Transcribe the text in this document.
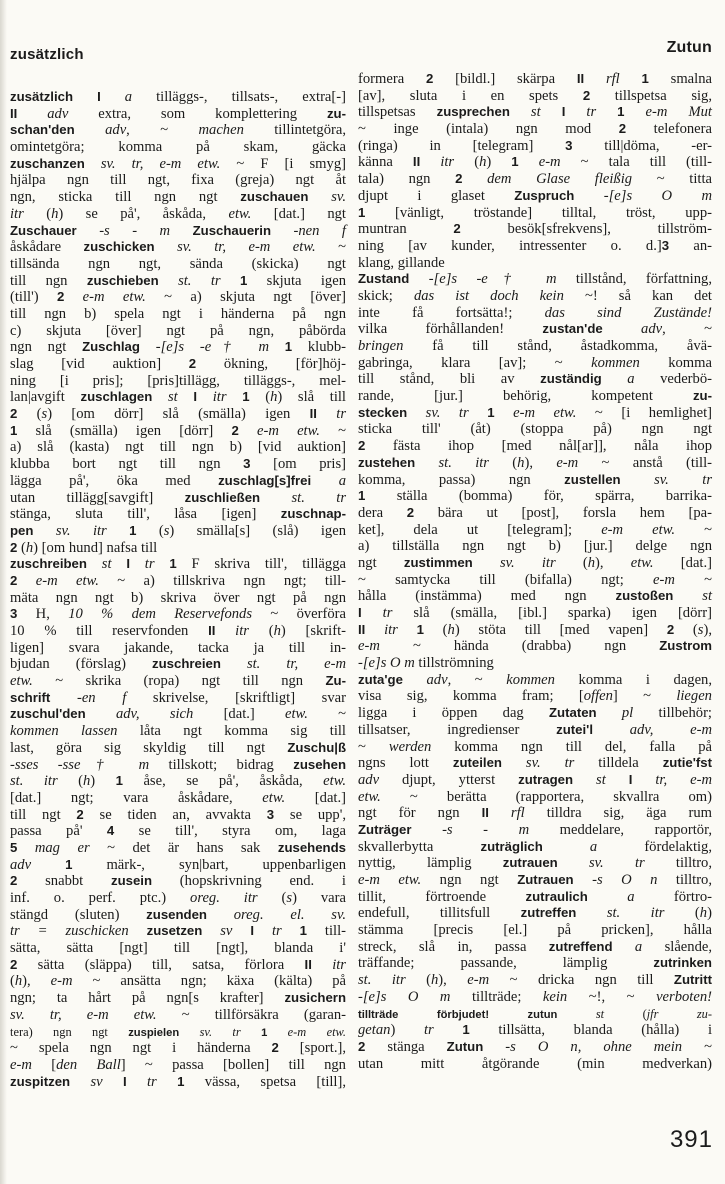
zusätzlich	Zutun
zusätzlich I a tilläggs-, tillsats-, extra[-]
II adv extra, som komplettering zu-
schan'den adv, ~ machen tillintetgöra,
omintetgöra; komma på skam, gäcka
zuschanzen sv. tr, e-m etw. ~ F [i smyg]
hjälpa ngn till ngt, fixa (greja) ngt åt
ngn, sticka till ngn ngt zuschauen sv.
itr (h) se på', åskåda, etw. [dat.] ngt
Zuschauer -s - m Zuschauerin -nen f
åskådare zuschicken sv. tr, e-m etw. ~
tillsända ngn ngt, sända (skicka) ngt
till ngn zuschieben st. tr 1 skjuta igen
(till') 2 e-m etw. ~ a) skjuta ngt [över]
till ngn b) spela ngt i händerna på ngn
c) skjuta [över] ngt på ngn, påbörda
ngn ngt Zuschlag -[e]s -e† m 1 klubb-
slag [vid auktion] 2 ökning, [för]höj-
ning [i pris]; [pris]tillägg, tilläggs-, mel-
lan|avgift zuschlagen st I itr 1 (h) slå till
2 (s) [om dörr] slå (smälla) igen II tr
1 slå (smälla) igen [dörr] 2 e-m etw. ~
a) slå (kasta) ngt till ngn b) [vid auktion]
klubba bort ngt till ngn 3 [om pris]
lägga på', öka med zuschlag[s]frei a
utan tillägg[savgift] zuschließen st. tr
stänga, sluta till', låsa [igen] zuschnap-
pen sv. itr 1 (s) smälla[s] (slå) igen
2 (h) [om hund] nafsa till
zuschreiben st I tr 1 F skriva till', tillägga
2 e-m etw. ~ a) tillskriva ngn ngt; till-
mäta ngn ngt b) skriva över ngt på ngn
3 H, 10 % dem Reservefonds ~ överföra
10 % till reservfonden II itr (h) [skrift-
ligen] svara jakande, tacka ja till in-
bjudan (förslag) zuschreien st. tr, e-m
etw. ~ skrika (ropa) ngt till ngn Zu-
schrift -en f skrivelse, [skriftligt] svar
zuschul'den adv, sich [dat.] etw. ~
kommen lassen låta ngt komma sig till
last, göra sig skyldig till ngt Zuschu|ß
-sses -sse† m tillskott; bidrag zusehen
st. itr (h) 1 åse, se på', åskåda, etw.
[dat.] ngt; vara åskådare, etw. [dat.]
till ngt 2 se tiden an, avvakta 3 se upp',
passa på' 4 se till', styra om, laga
5 mag er ~ det är hans sak zusehends
adv	1 märk-, syn|bart, uppenbarligen
2 snabbt zusein (hopskrivning end. i
inf. o. perf. ptc.) oreg. itr (s) vara
stängd (sluten) zusenden oreg. el. sv.
tr = zuschicken zusetzen sv I tr 1 till-
sätta, sätta [ngt] till [ngt], blanda i'
2 sätta (släppa) till, satsa, förlora II itr
(h), e-m ~ ansätta ngn; käxa (kälta) på
ngn; ta hårt på ngn[s krafter] zusichern
sv. tr, e-m etw. ~ tillförsäkra (garan-
tera) ngn ngt zuspielen sv. tr 1 e-m etw.
~ spela ngn ngt i händerna 2 [sport.],
e-m [den Ball] ~ passa [bollen] till ngn
zuspitzen sv I tr 1 vässa, spetsa [till],
formera 2 [bildl.] skärpa II rfl 1 smalna
[av], sluta i en spets 2 tillspetsa sig,
tillspetsas zusprechen st I tr 1 e-m Mut
~ inge (intala) ngn mod 2 telefonera
(ringa) in [telegram] 3 till|döma, -er-
känna II itr (h) 1 e-m ~ tala till (till-
tala) ngn 2 dem Glase fleißig ~ titta
djupt i glaset Zuspruch -[e]s O m
1 [vänligt, tröstande] tilltal, tröst, upp-
muntran 2 besök[sfrekvens], tillström-
ning [av kunder, intressenter o. d.]3 an-
klang, gillande
Zustand -[e]s -e† m tillstånd, författning,
skick; das ist doch kein ~! så kan det
inte få fortsätta!; das sind Zustände!
vilka förhållanden! zustan'de	adv, ~
bringen få till stånd, åstadkomma, åvä-
gabringa, klara [av]; ~ kommen komma
till stånd, bli av zuständig a vederbö-
rande, [jur.] behörig, kompetent zu-
stecken sv. tr 1 e-m etw. ~ [i hemlighet]
sticka till' (åt) (stoppa på) ngn ngt
2 fästa ihop [med nål[ar]], nåla ihop
zustehen st. itr (h), e-m ~ anstå (till-
komma, passa) ngn zustellen sv. tr
1 ställa (bomma) för, spärra, barrika-
dera 2 bära ut [post], forsla hem [pa-
ket], dela ut [telegram]; e-m etw. ~
a) tillställa ngn ngt b) [jur.] delge ngn
ngt zustimmen sv. itr (h), etw. [dat.]
~ samtycka till (bifalla) ngt; e-m ~
hålla (instämma) med ngn zustoßen st
I tr slå (smälla, [ibl.] sparka) igen [dörr]
II itr 1 (h) stöta till [med vapen] 2 (s),
e-m ~ hända (drabba) ngn Zustrom
-[e]s O m tillströmning
zuta'ge adv, ~ kommen komma i dagen,
visa sig, komma fram; [offen] ~ liegen
ligga i öppen dag Zutaten pl tillbehör;
tillsatser, ingredienser zutei'l	adv, e-m
~ werden komma ngn till del, falla på
ngns lott zuteilen sv. tr tilldela zutie'fst
adv djupt, ytterst zutragen st I tr, e-m
etw. ~ berätta (rapportera, skvallra om)
ngt för ngn II rfl tilldra sig, äga rum
Zuträger -s - m meddelare, rapportör,
skvallerbytta zuträglich	a fördelaktig,
nyttig, lämplig zutrauen sv. tr tilltro,
e-m etw. ngn ngt Zutrauen -s O n tilltro,
tillit, förtroende zutraulich	a förtro-
endefull, tillitsfull zutreffen st. itr (h)
stämma [precis [el.] på pricken], hålla
streck, slå in, passa zutreffend a slående,
träffande; passande, lämplig zutrinken
st. itr (h), e-m ~ dricka ngn till Zutritt
-[e]s O m tillträde; kein ~!, ~ verboten!
tillträde förbjudet!	zutun	st (jfr zu-
getan) tr 1 tillsätta, blanda (hålla) i
2 stänga Zutun -s O n, ohne mein ~
utan mitt åtgörande (min medverkan)
391
